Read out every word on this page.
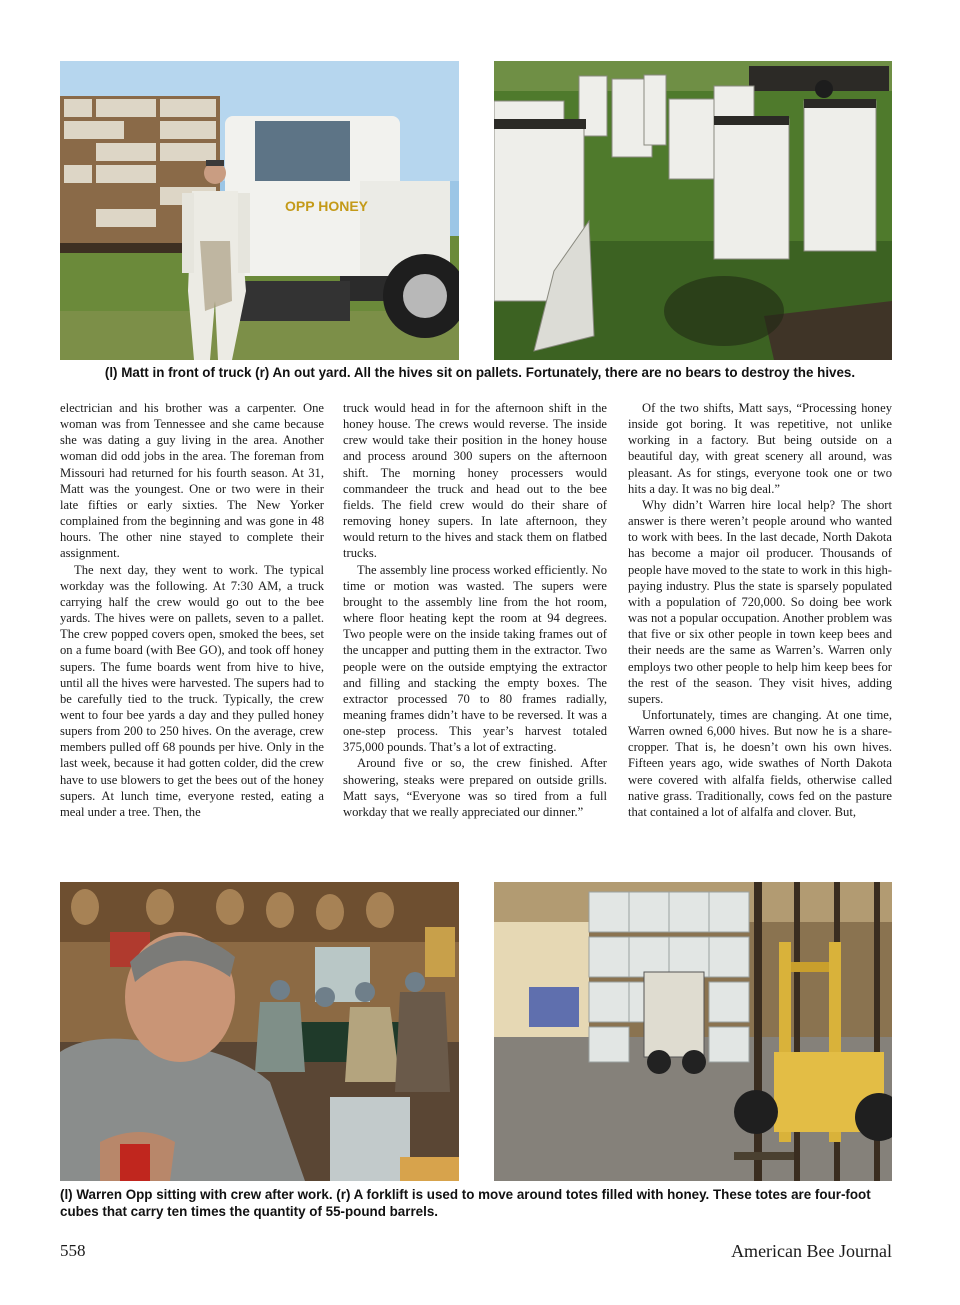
OPP HONEY
(l) Matt in front of truck (r) An out yard. All the hives sit on pallets. Fortunately, there are no bears to destroy the hives.

electrician and his brother was a carpenter. One woman was from Tennessee and she came because she was dating a guy living in the area. Another woman did odd jobs in the area. The foreman from Missouri had returned for his fourth season. At 31, Matt was the youngest. One or two were in their late fifties or early sixties. The New Yorker complained from the beginning and was gone in 48 hours. The other nine stayed to complete their assignment.

The next day, they went to work. The typical workday was the following. At 7:30 AM, a truck carrying half the crew would go out to the bee yards. The hives were on pallets, seven to a pallet. The crew popped covers open, smoked the bees, set on a fume board (with Bee GO), and took off honey supers. The fume boards went from hive to hive, until all the hives were harvested. The supers had to be carefully tied to the truck. Typically, the crew went to four bee yards a day and they pulled honey supers from 200 to 250 hives. On the average, crew members pulled off 68 pounds per hive. Only in the last week, because it had gotten colder, did the crew have to use blowers to get the bees out of the honey supers. At lunch time, everyone rested, eating a meal under a tree. Then, the

truck would head in for the afternoon shift in the honey house. The crews would reverse. The inside crew would take their position in the honey house and process around 300 supers on the afternoon shift. The morning honey processers would commandeer the truck and head out to the bee fields. The field crew would do their share of removing honey supers. In late afternoon, they would return to the hives and stack them on flatbed trucks.

The assembly line process worked efficiently. No time or motion was wasted. The supers were brought to the assembly line from the hot room, where floor heating kept the room at 94 degrees. Two people were on the inside taking frames out of the uncapper and putting them in the extractor. Two people were on the outside emptying the extractor and filling and stacking the empty boxes. The extractor processed 70 to 80 frames radially, meaning frames didn’t have to be reversed. It was a one-step process. This year’s harvest totaled 375,000 pounds. That’s a lot of extracting.

Around five or so, the crew finished. After showering, steaks were prepared on outside grills. Matt says, “Everyone was so tired from a full workday that we really appreciated our dinner.”

Of the two shifts, Matt says, “Processing honey inside got boring. It was repetitive, not unlike working in a factory. But being outside on a beautiful day, with great scenery all around, was pleasant. As for stings, everyone took one or two hits a day. It was no big deal.”

Why didn’t Warren hire local help? The short answer is there weren’t people around who wanted to work with bees. In the last decade, North Dakota has become a major oil producer. Thousands of people have moved to the state to work in this high-paying industry. Plus the state is sparsely populated with a population of 720,000. So doing bee work was not a popular occupation. Another problem was that five or six other people in town keep bees and their needs are the same as Warren’s. Warren only employs two other people to help him keep bees for the rest of the season. They visit hives, adding supers.

Unfortunately, times are changing. At one time, Warren owned 6,000 hives. But now he is a share-cropper. That is, he doesn’t own his own hives. Fifteen years ago, wide swathes of North Dakota were covered with alfalfa fields, otherwise called native grass. Traditionally, cows fed on the pasture that contained a lot of alfalfa and clover. But,

(l) Warren Opp sitting with crew after work. (r) A forklift is used to move around totes filled with honey. These totes are four-foot cubes that carry ten times the quantity of 55-pound barrels.
558	American Bee Journal
